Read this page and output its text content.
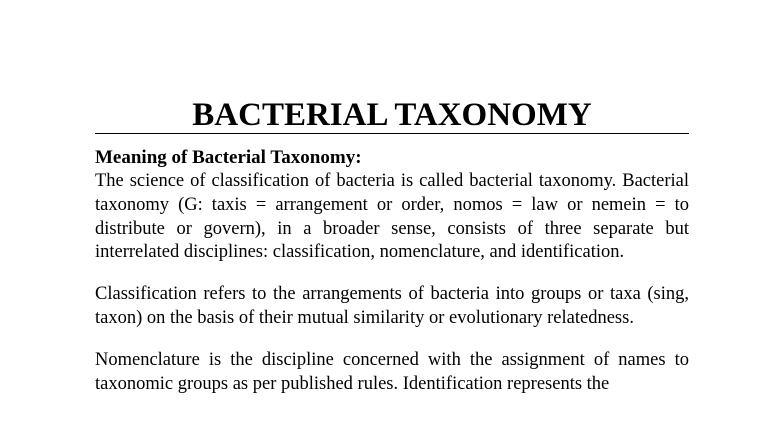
BACTERIAL TAXONOMY
Meaning of Bacterial Taxonomy:

The science of classification of bacteria is called bacterial taxonomy. Bacterial taxonomy (G: taxis = arrangement or order, nomos = law or nemein = to distribute or govern), in a broader sense, consists of three separate but interrelated disciplines: classification, nomenclature, and identification.

Classification refers to the arrangements of bacteria into groups or taxa (sing, taxon) on the basis of their mutual similarity or evolutionary relatedness.

Nomenclature is the discipline concerned with the assignment of names to taxonomic groups as per published rules. Identification represents the
